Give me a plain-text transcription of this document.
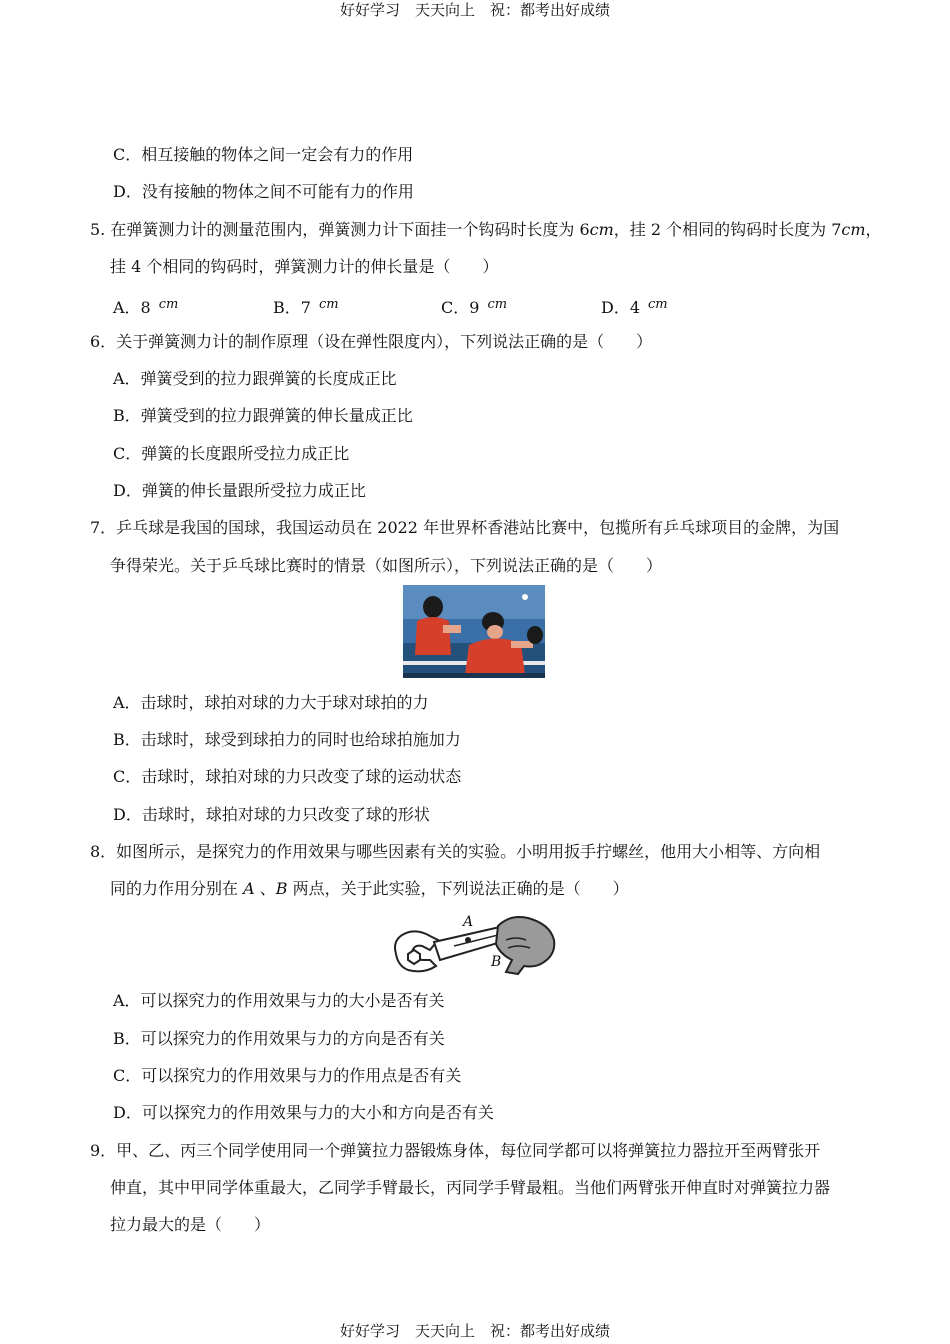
好好学习　天天向上　祝：都考出好成绩
好好学习　天天向上　祝：都考出好成绩
C．相互接触的物体之间一定会有力的作用
D．没有接触的物体之间不可能有力的作用
5. 在弹簧测力计的测量范围内，弹簧测力计下面挂一个钩码时长度为 6cm，挂 2 个相同的钩码时长度为 7cm，
挂 4 个相同的钩码时，弹簧测力计的伸长量是（　　）
A．8 $^{cm}$	B．7 $^{cm}$	C．9 $^{cm}$	D．4 $^{cm}$
6．关于弹簧测力计的制作原理（设在弹性限度内），下列说法正确的是（　　）
A．弹簧受到的拉力跟弹簧的长度成正比
B．弹簧受到的拉力跟弹簧的伸长量成正比
C．弹簧的长度跟所受拉力成正比
D．弹簧的伸长量跟所受拉力成正比
7．乒乓球是我国的国球，我国运动员在 2022 年世界杯香港站比赛中，包揽所有乒乓球项目的金牌，为国
争得荣光。关于乒乓球比赛时的情景（如图所示），下列说法正确的是（　　）
A．击球时，球拍对球的力大于球对球拍的力
B．击球时，球受到球拍力的同时也给球拍施加力
C．击球时，球拍对球的力只改变了球的运动状态
D．击球时，球拍对球的力只改变了球的形状
8．如图所示，是探究力的作用效果与哪些因素有关的实验。小明用扳手拧螺丝，他用大小相等、方向相
同的力作用分别在 A 、B 两点，关于此实验，下列说法正确的是（　　）
A
B
A．可以探究力的作用效果与力的大小是否有关
B．可以探究力的作用效果与力的方向是否有关
C．可以探究力的作用效果与力的作用点是否有关
D．可以探究力的作用效果与力的大小和方向是否有关
9．甲、乙、丙三个同学使用同一个弹簧拉力器锻炼身体，每位同学都可以将弹簧拉力器拉开至两臂张开
伸直，其中甲同学体重最大，乙同学手臂最长，丙同学手臂最粗。当他们两臂张开伸直时对弹簧拉力器
拉力最大的是（　　）
